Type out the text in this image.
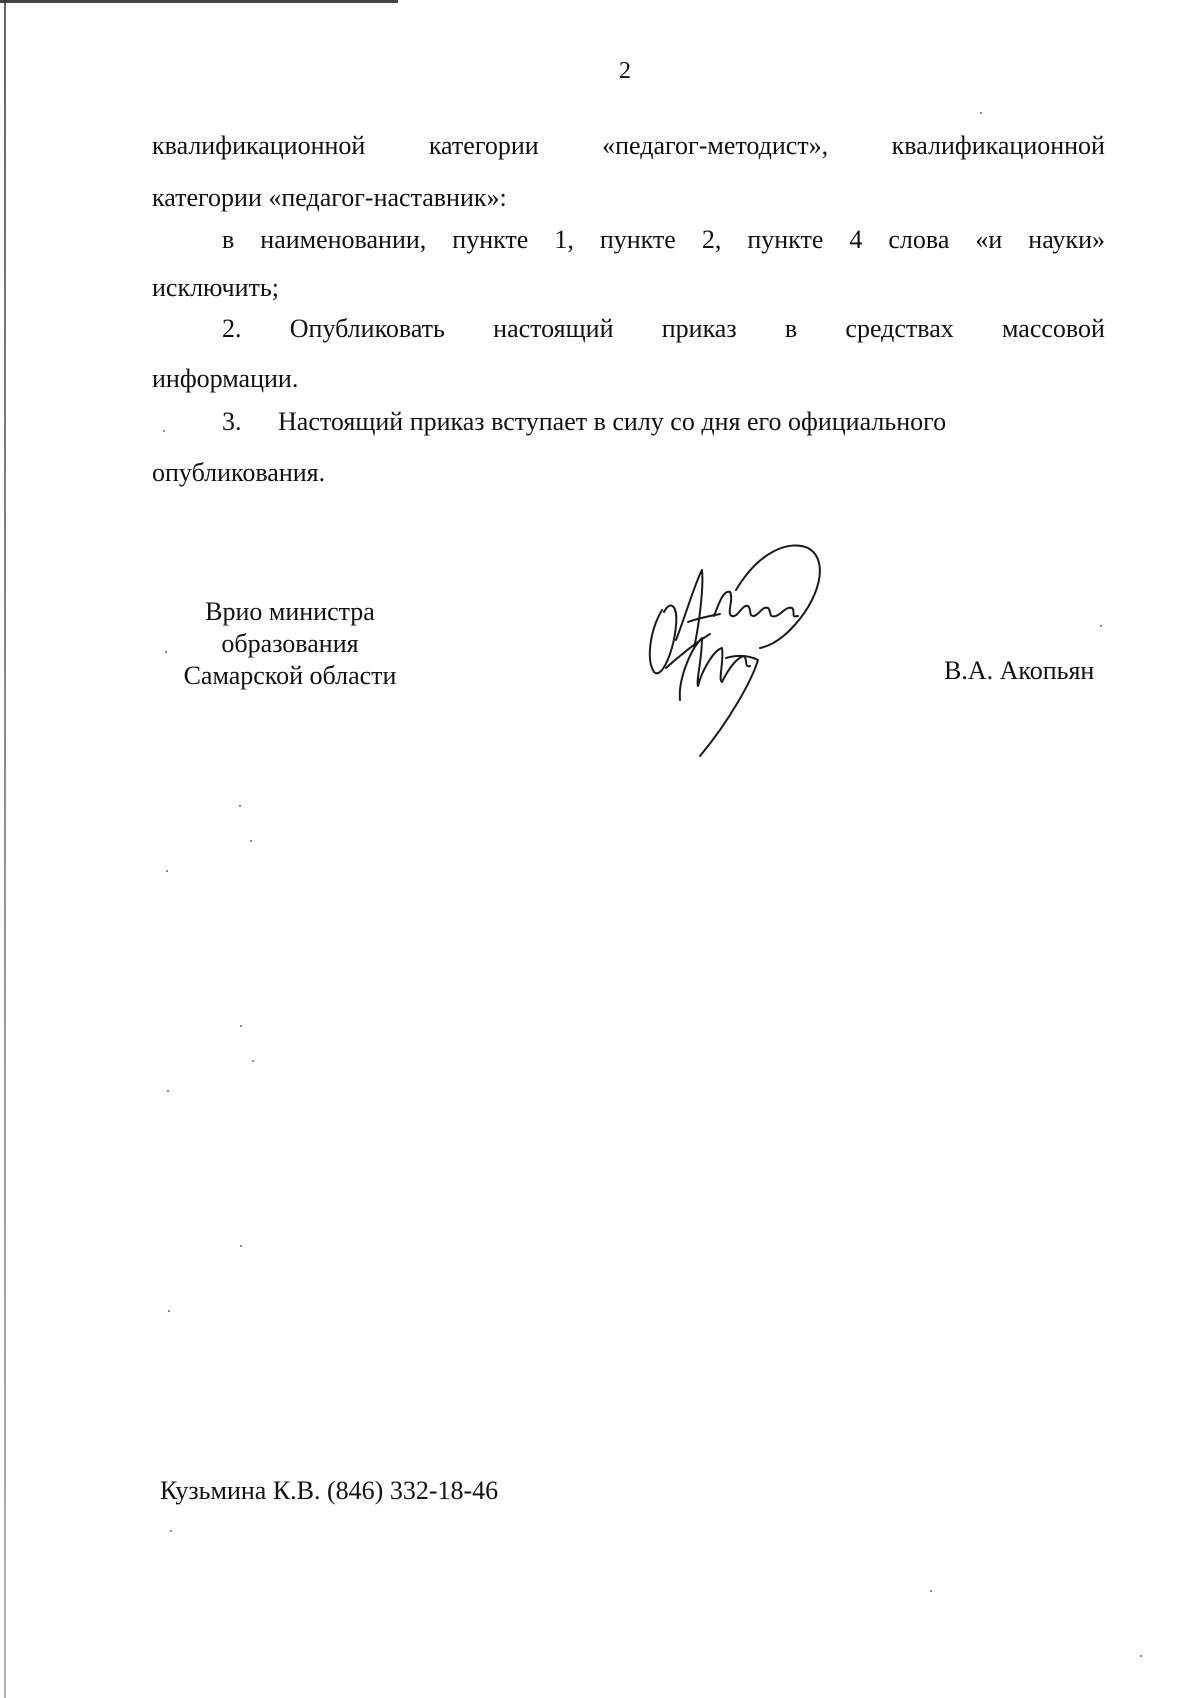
2
квалификационной категории «педагог-методист», квалификационной
категории «педагог-наставник»:
в наименовании, пункте 1, пункте 2, пункте 4 слова «и науки»
исключить;
2. Опубликовать настоящий приказ в средствах массовой
информации.
3. Настоящий приказ вступает в силу со дня его официального
опубликования.
Врио министра
образования
Самарской области	В.А. Акопьян
Кузьмина К.В. (846) 332-18-46
